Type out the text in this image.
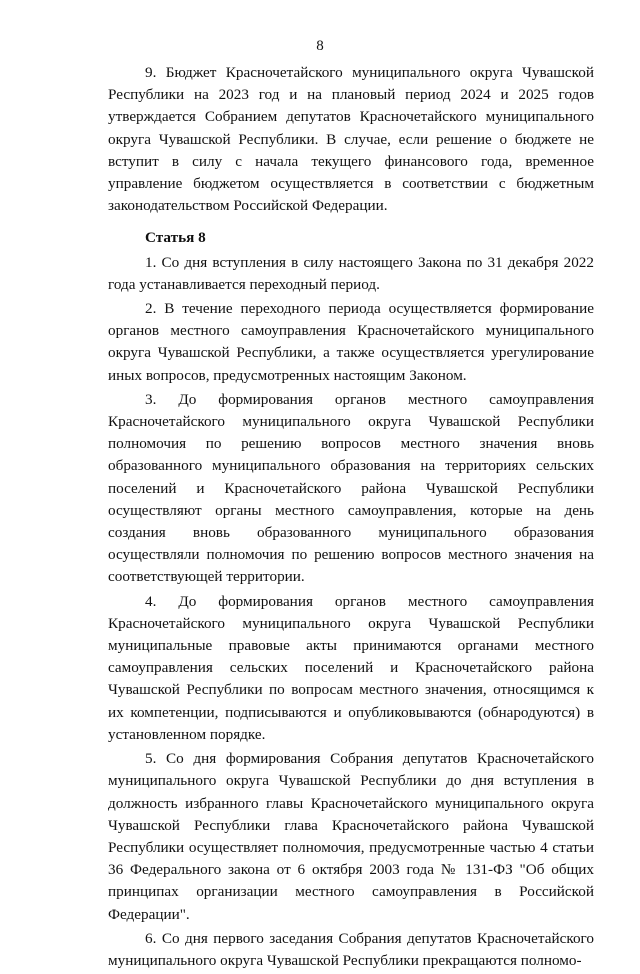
8

9. Бюджет Красночетайского муниципального округа Чувашской Республики на 2023 год и на плановый период 2024 и 2025 годов утверждается Собранием депутатов Красночетайского муниципального округа Чувашской Республики. В случае, если решение о бюджете не вступит в силу с начала текущего финансового года, временное управление бюджетом осуществляется в соответствии с бюджетным законодательством Российской Федерации.

Статья 8

1. Со дня вступления в силу настоящего Закона по 31 декабря 2022 года устанавливается переходный период.

2. В течение переходного периода осуществляется формирование органов местного самоуправления Красночетайского муниципального округа Чувашской Республики, а также осуществляется урегулирование иных вопросов, предусмотренных настоящим Законом.

3. До формирования органов местного самоуправления Красночетайского муниципального округа Чувашской Республики полномочия по решению вопросов местного значения вновь образованного муниципального образования на территориях сельских поселений и Красночетайского района Чувашской Республики осуществляют органы местного самоуправления, которые на день создания вновь образованного муниципального образования осуществляли полномочия по решению вопросов местного значения на соответствующей территории.

4. До формирования органов местного самоуправления Красночетайского муниципального округа Чувашской Республики муниципальные правовые акты принимаются органами местного самоуправления сельских поселений и Красночетайского района Чувашской Республики по вопросам местного значения, относящимся к их компетенции, подписываются и опубликовываются (обнародуются) в установленном порядке.

5. Со дня формирования Собрания депутатов Красночетайского муниципального округа Чувашской Республики до дня вступления в должность избранного главы Красночетайского муниципального округа Чувашской Республики глава Красночетайского района Чувашской Республики осуществляет полномочия, предусмотренные частью 4 статьи 36 Федерального закона от 6 октября 2003 года № 131-ФЗ "Об общих принципах организации местного самоуправления в Российской Федерации".

6. Со дня первого заседания Собрания депутатов Красночетайского муниципального округа Чувашской Республики прекращаются полномо-
